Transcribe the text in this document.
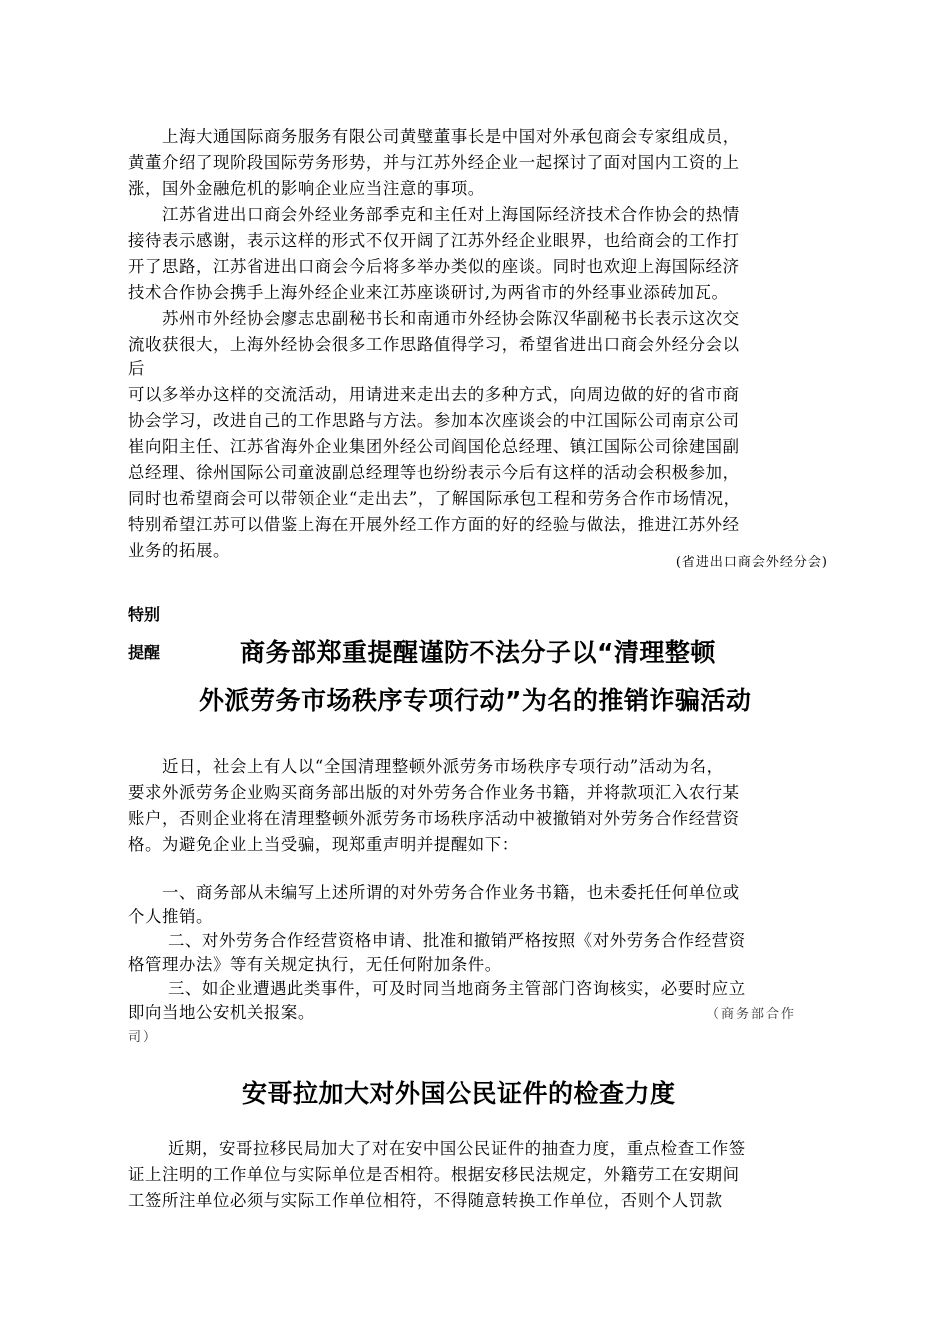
上海大通国际商务服务有限公司黄璧董事长是中国对外承包商会专家组成员，
黄董介绍了现阶段国际劳务形势，并与江苏外经企业一起探讨了面对国内工资的上
涨，国外金融危机的影响企业应当注意的事项。
江苏省进出口商会外经业务部季克和主任对上海国际经济技术合作协会的热情
接待表示感谢，表示这样的形式不仅开阔了江苏外经企业眼界，也给商会的工作打
开了思路，江苏省进出口商会今后将多举办类似的座谈。同时也欢迎上海国际经济
技术合作协会携手上海外经企业来江苏座谈研讨,为两省市的外经事业添砖加瓦。
苏州市外经协会廖志忠副秘书长和南通市外经协会陈汉华副秘书长表示这次交
流收获很大，上海外经协会很多工作思路值得学习，希望省进出口商会外经分会以
后
可以多举办这样的交流活动，用请进来走出去的多种方式，向周边做的好的省市商
协会学习，改进自己的工作思路与方法。参加本次座谈会的中江国际公司南京公司
崔向阳主任、江苏省海外企业集团外经公司阎国伦总经理、镇江国际公司徐建国副
总经理、徐州国际公司童波副总经理等也纷纷表示今后有这样的活动会积极参加，
同时也希望商会可以带领企业“走出去”，了解国际承包工程和劳务合作市场情况，
特别希望江苏可以借鉴上海在开展外经工作方面的好的经验与做法，推进江苏外经
业务的拓展。
(省进出口商会外经分会)
特别
提醒	商务部郑重提醒谨防不法分子以“清理整顿
外派劳务市场秩序专项行动”为名的推销诈骗活动
近日，社会上有人以“全国清理整顿外派劳务市场秩序专项行动”活动为名，
要求外派劳务企业购买商务部出版的对外劳务合作业务书籍，并将款项汇入农行某
账户，否则企业将在清理整顿外派劳务市场秩序活动中被撤销对外劳务合作经营资
格。为避免企业上当受骗，现郑重声明并提醒如下：
一、商务部从未编写上述所谓的对外劳务合作业务书籍，也未委托任何单位或
个人推销。
二、对外劳务合作经营资格申请、批准和撤销严格按照《对外劳务合作经营资
格管理办法》等有关规定执行，无任何附加条件。
三、如企业遭遇此类事件，可及时同当地商务主管部门咨询核实，必要时应立
即向当地公安机关报案。	（商务部合作
司）
安哥拉加大对外国公民证件的检查力度
近期，安哥拉移民局加大了对在安中国公民证件的抽查力度，重点检查工作签
证上注明的工作单位与实际单位是否相符。根据安移民法规定，外籍劳工在安期间
工签所注单位必须与实际工作单位相符，不得随意转换工作单位，否则个人罚款
